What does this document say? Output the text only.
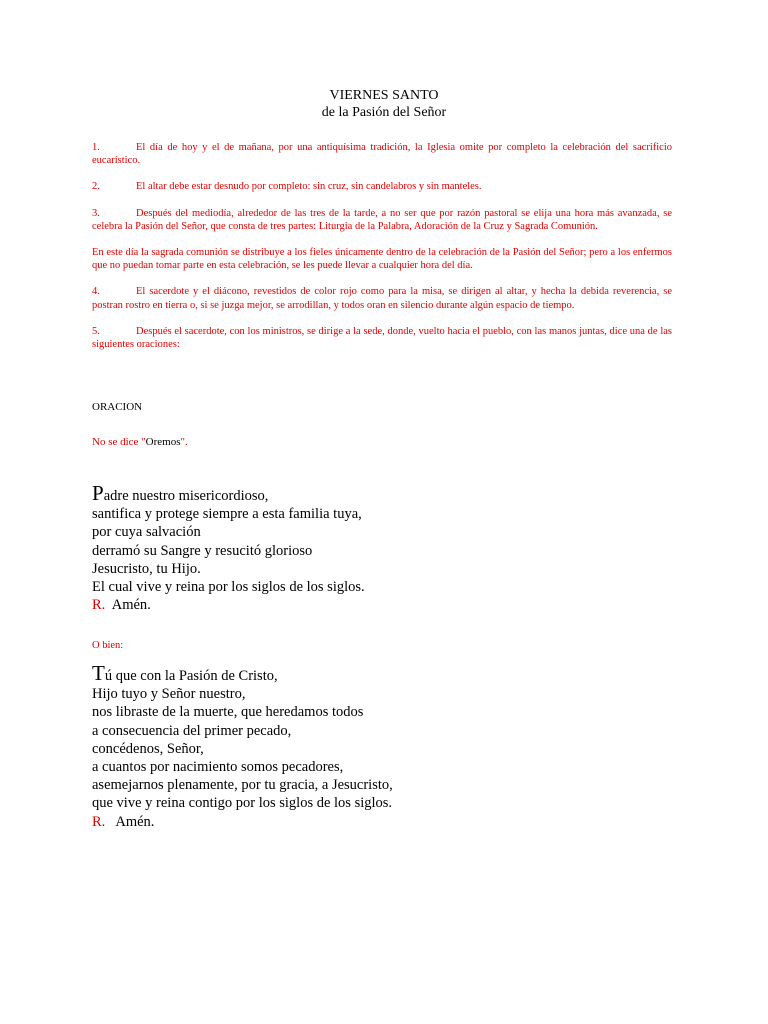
VIERNES SANTO
de la Pasión del Señor

1.	El día de hoy y el de mañana, por una antiquísima tradición, la Iglesia omite por completo la celebración del sacrificio eucarístico.

2.	El altar debe estar desnudo por completo: sin cruz, sin candelabros y sin manteles.

3.	Después del mediodía, alrededor de las tres de la tarde, a no ser que por razón pastoral se elija una hora más avanzada, se celebra la Pasión del Señor, que consta de tres partes: Liturgia de la Palabra, Adoración de la Cruz y Sagrada Comunión.

En este día la sagrada comunión se distribuye a los fieles únicamente dentro de la celebración de la Pasión del Señor; pero a los enfermos que no puedan tomar parte en esta celebración, se les puede llevar a cualquier hora del día.

4.	El sacerdote y el diácono, revestidos de color rojo como para la misa, se dirigen al altar, y hecha la debida reverencia, se postran rostro en tierra o, si se juzga mejor, se arrodillan, y todos oran en silencio durante algún espacio de tiempo.

5.	Después el sacerdote, con los ministros, se dirige a la sede, donde, vuelto hacia el pueblo, con las manos juntas, dice una de las siguientes oraciones:

ORACION
No se dice "Oremos".
Padre nuestro misericordioso,
santifica y protege siempre a esta familia tuya,
por cuya salvación
derramó su Sangre y resucitó glorioso
Jesucristo, tu Hijo.
El cual vive y reina por los siglos de los siglos.
R. Amén.
O bien:
Tú que con la Pasión de Cristo,
Hijo tuyo y Señor nuestro,
nos libraste de la muerte, que heredamos todos
a consecuencia del primer pecado,
concédenos, Señor,
a cuantos por nacimiento somos pecadores,
asemejarnos plenamente, por tu gracia, a Jesucristo,
que vive y reina contigo por los siglos de los siglos.
R. Amén.
